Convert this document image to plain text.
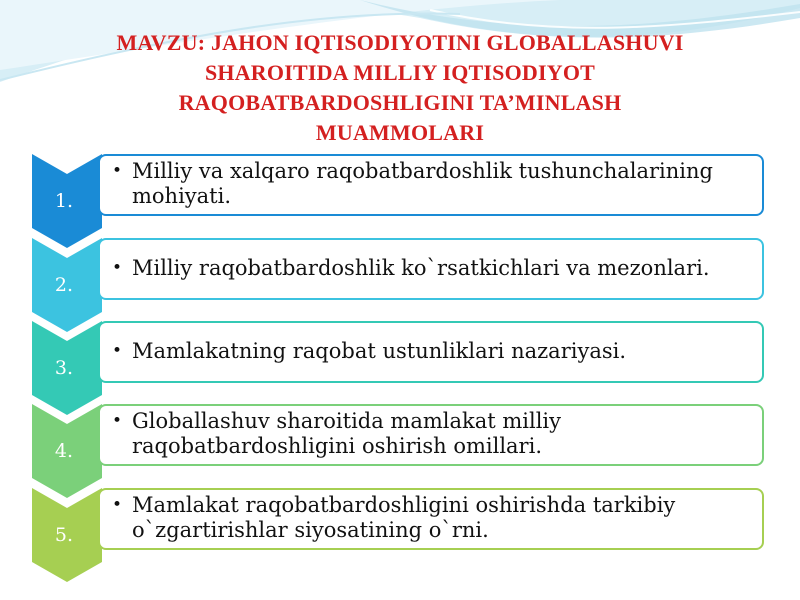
MAVZU: JAHON IQTISODIYOTINI GLOBALLASHUVI
SHAROITIDA MILLIY IQTISODIYOT
RAQOBATBARDOSHLIGINI TA’MINLASH
MUAMMOLARI
1.
• Milliy va xalqaro raqobatbardoshlik tushunchalarining mohiyati.
2.
• Milliy raqobatbardoshlik ko`rsatkichlari va mezonlari.
3.
• Mamlakatning raqobat ustunliklari nazariyasi.
4.
• Globallashuv sharoitida mamlakat milliy raqobatbardoshligini oshirish omillari.
5.
• Mamlakat raqobatbardoshligini oshirishda tarkibiy o`zgartirishlar siyosatining o`rni.
